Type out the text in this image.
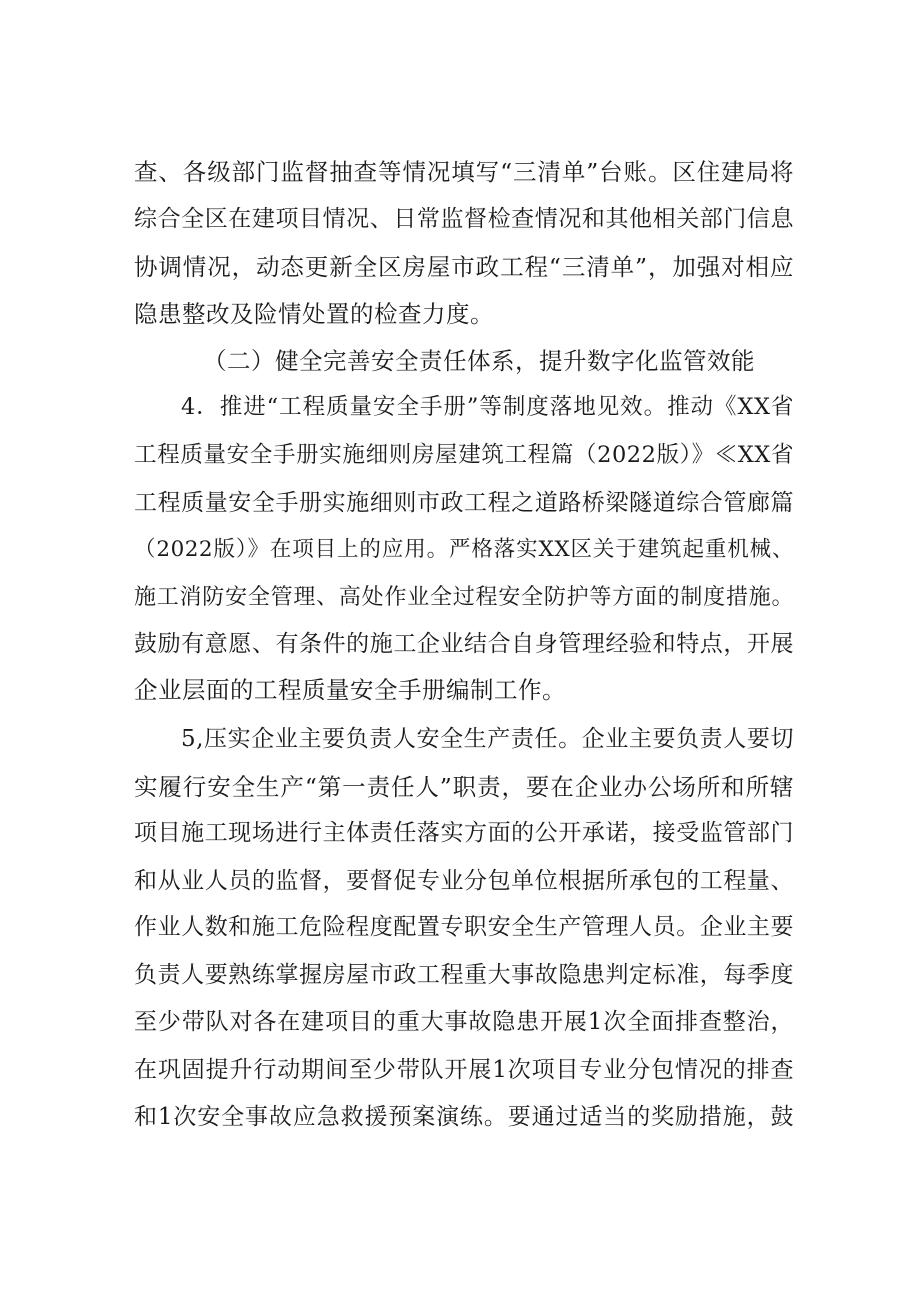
查、各级部门监督抽查等情况填写“三清单”台账。区住建局将
综合全区在建项目情况、日常监督检查情况和其他相关部门信息
协调情况，动态更新全区房屋市政工程“三清单”，加强对相应
隐患整改及险情处置的检查力度。
（二）健全完善安全责任体系，提升数字化监管效能
4．推进“工程质量安全手册”等制度落地见效。推动《XX省
工程质量安全手册实施细则房屋建筑工程篇（2022版）》≪XX省
工程质量安全手册实施细则市政工程之道路桥梁隧道综合管廊篇
（2022版）》在项目上的应用。严格落实XX区关于建筑起重机械、
施工消防安全管理、高处作业全过程安全防护等方面的制度措施。
鼓励有意愿、有条件的施工企业结合自身管理经验和特点，开展
企业层面的工程质量安全手册编制工作。
5,压实企业主要负责人安全生产责任。企业主要负责人要切
实履行安全生产“第一责任人”职责，要在企业办公场所和所辖
项目施工现场进行主体责任落实方面的公开承诺，接受监管部门
和从业人员的监督，要督促专业分包单位根据所承包的工程量、
作业人数和施工危险程度配置专职安全生产管理人员。企业主要
负责人要熟练掌握房屋市政工程重大事故隐患判定标准，每季度
至少带队对各在建项目的重大事故隐患开展1次全面排查整治，
在巩固提升行动期间至少带队开展1次项目专业分包情况的排查
和1次安全事故应急救援预案演练。要通过适当的奖励措施，鼓
